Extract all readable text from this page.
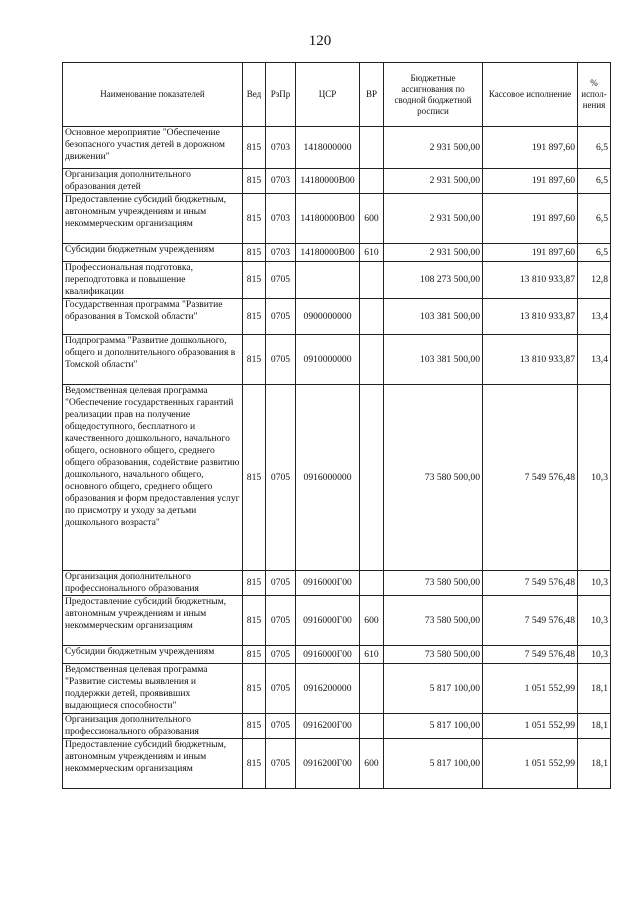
120
Наименование показателей	Вед	РзПр	ЦСР	ВР	Бюджетные ассигнования по сводной бюджетной росписи	Кассовое исполнение	% испол-нения
Основное мероприятие "Обеспечение безопасного участия детей в дорожном движении"	815	0703	1418000000		2 931 500,00	191 897,60	6,5
Организация дополнительного образования детей	815	0703	14180000В00		2 931 500,00	191 897,60	6,5
Предоставление субсидий бюджетным, автономным учреждениям и иным некоммерческим организациям	815	0703	14180000В00	600	2 931 500,00	191 897,60	6,5
Субсидии бюджетным учреждениям	815	0703	14180000В00	610	2 931 500,00	191 897,60	6,5
Профессиональная подготовка, переподготовка и повышение квалификации	815	0705			108 273 500,00	13 810 933,87	12,8
Государственная программа "Развитие образования в Томской области"	815	0705	0900000000		103 381 500,00	13 810 933,87	13,4
Подпрограмма "Развитие дошкольного, общего и дополнительного образования в Томской области"	815	0705	0910000000		103 381 500,00	13 810 933,87	13,4
Ведомственная целевая программа "Обеспечение государственных гарантий реализации прав на получение общедоступного, бесплатного и качественного дошкольного, начального общего, основного общего, среднего общего образования, содействие развитию дошкольного, начального общего, основного общего, среднего общего образования и форм предоставления услуг по присмотру и уходу за детьми дошкольного возраста"	815	0705	0916000000		73 580 500,00	7 549 576,48	10,3
Организация дополнительного профессионального образования	815	0705	0916000Г00		73 580 500,00	7 549 576,48	10,3
Предоставление субсидий бюджетным, автономным учреждениям и иным некоммерческим организациям	815	0705	0916000Г00	600	73 580 500,00	7 549 576,48	10,3
Субсидии бюджетным учреждениям	815	0705	0916000Г00	610	73 580 500,00	7 549 576,48	10,3
Ведомственная целевая программа "Развитие системы выявления и поддержки детей, проявивших выдающиеся способности"	815	0705	0916200000		5 817 100,00	1 051 552,99	18,1
Организация дополнительного профессионального образования	815	0705	0916200Г00		5 817 100,00	1 051 552,99	18,1
Предоставление субсидий бюджетным, автономным учреждениям и иным некоммерческим организациям	815	0705	0916200Г00	600	5 817 100,00	1 051 552,99	18,1
